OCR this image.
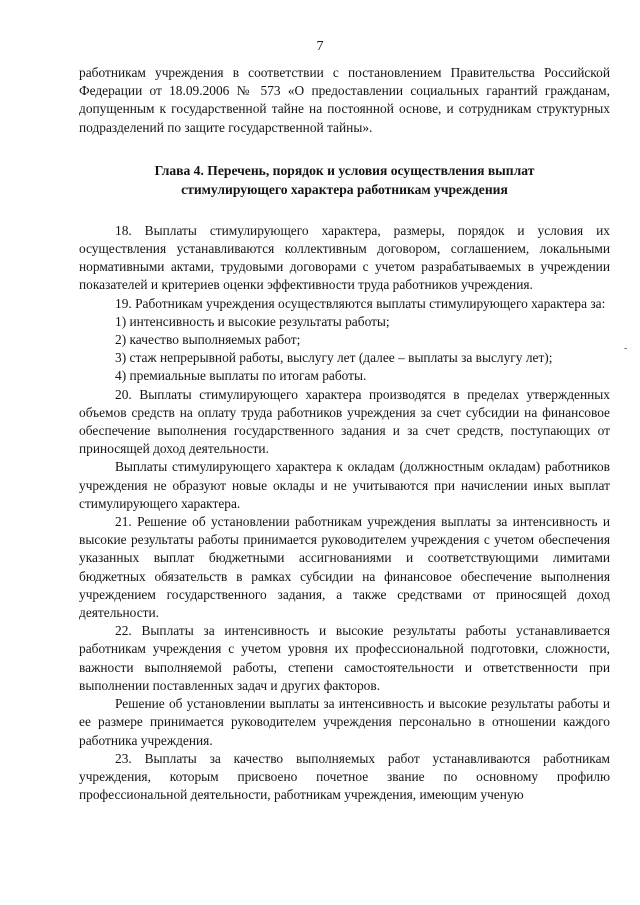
7
-

работникам учреждения в соответствии с постановлением Правительства Российской Федерации от 18.09.2006 № 573 «О предоставлении социальных гарантий гражданам, допущенным к государственной тайне на постоянной основе, и сотрудникам структурных подразделений по защите государственной тайны».

Глава 4. Перечень, порядок и условия осуществления выплат
стимулирующего характера работникам учреждения

18. Выплаты стимулирующего характера, размеры, порядок и условия их осуществления устанавливаются коллективным договором, соглашением, локальными нормативными актами, трудовыми договорами с учетом разрабатываемых в учреждении показателей и критериев оценки эффективности труда работников учреждения.

19. Работникам учреждения осуществляются выплаты стимулирующего характера за:

1) интенсивность и высокие результаты работы;

2) качество выполняемых работ;

3) стаж непрерывной работы, выслугу лет (далее – выплаты за выслугу лет);

4) премиальные выплаты по итогам работы.

20. Выплаты стимулирующего характера производятся в пределах утвержденных объемов средств на оплату труда работников учреждения за счет субсидии на финансовое обеспечение выполнения государственного задания и за счет средств, поступающих от приносящей доход деятельности.

Выплаты стимулирующего характера к окладам (должностным окладам) работников учреждения не образуют новые оклады и не учитываются при начислении иных выплат стимулирующего характера.

21. Решение об установлении работникам учреждения выплаты за интенсивность и высокие результаты работы принимается руководителем учреждения с учетом обеспечения указанных выплат бюджетными ассигнованиями и соответствующими лимитами бюджетных обязательств в рамках субсидии на финансовое обеспечение выполнения учреждением государственного задания, а также средствами от приносящей доход деятельности.

22. Выплаты за интенсивность и высокие результаты работы устанавливается работникам учреждения с учетом уровня их профессиональной подготовки, сложности, важности выполняемой работы, степени самостоятельности и ответственности при выполнении поставленных задач и других факторов.

Решение об установлении выплаты за интенсивность и высокие результаты работы и ее размере принимается руководителем учреждения персонально в отношении каждого работника учреждения.

23. Выплаты за качество выполняемых работ устанавливаются работникам учреждения, которым присвоено почетное звание по основному профилю профессиональной деятельности, работникам учреждения, имеющим ученую
